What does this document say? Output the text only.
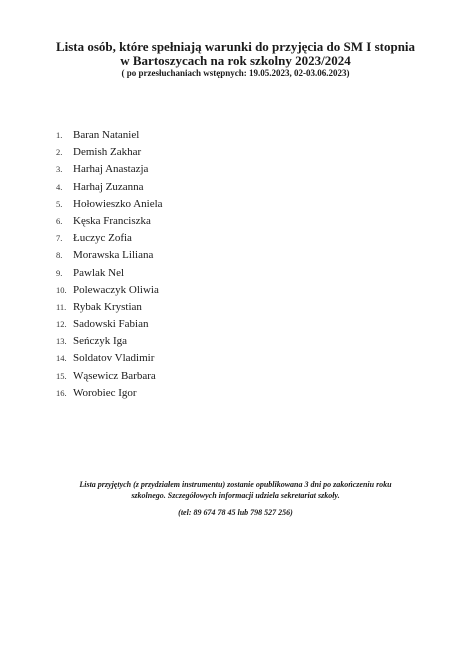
Lista osób, które spełniają warunki do przyjęcia do SM I stopnia
w Bartoszycach na rok szkolny 2023/2024
( po przesłuchaniach wstępnych: 19.05.2023, 02-03.06.2023)
1. Baran Nataniel
2. Demish Zakhar
3. Harhaj Anastazja
4. Harhaj Zuzanna
5. Hołowieszko Aniela
6. Kęska Franciszka
7. Łuczyc Zofia
8. Morawska Liliana
9. Pawlak Nel
10. Polewaczyk Oliwia
11. Rybak Krystian
12. Sadowski Fabian
13. Seńczyk Iga
14. Soldatov Vladimir
15. Wąsewicz Barbara
16. Worobiec Igor

Lista przyjętych (z przydziałem instrumentu) zostanie opublikowana 3 dni po zakończeniu roku

szkolnego. Szczegółowych informacji udziela sekretariat szkoły.

(tel: 89 674 78 45 lub 798 527 256)
